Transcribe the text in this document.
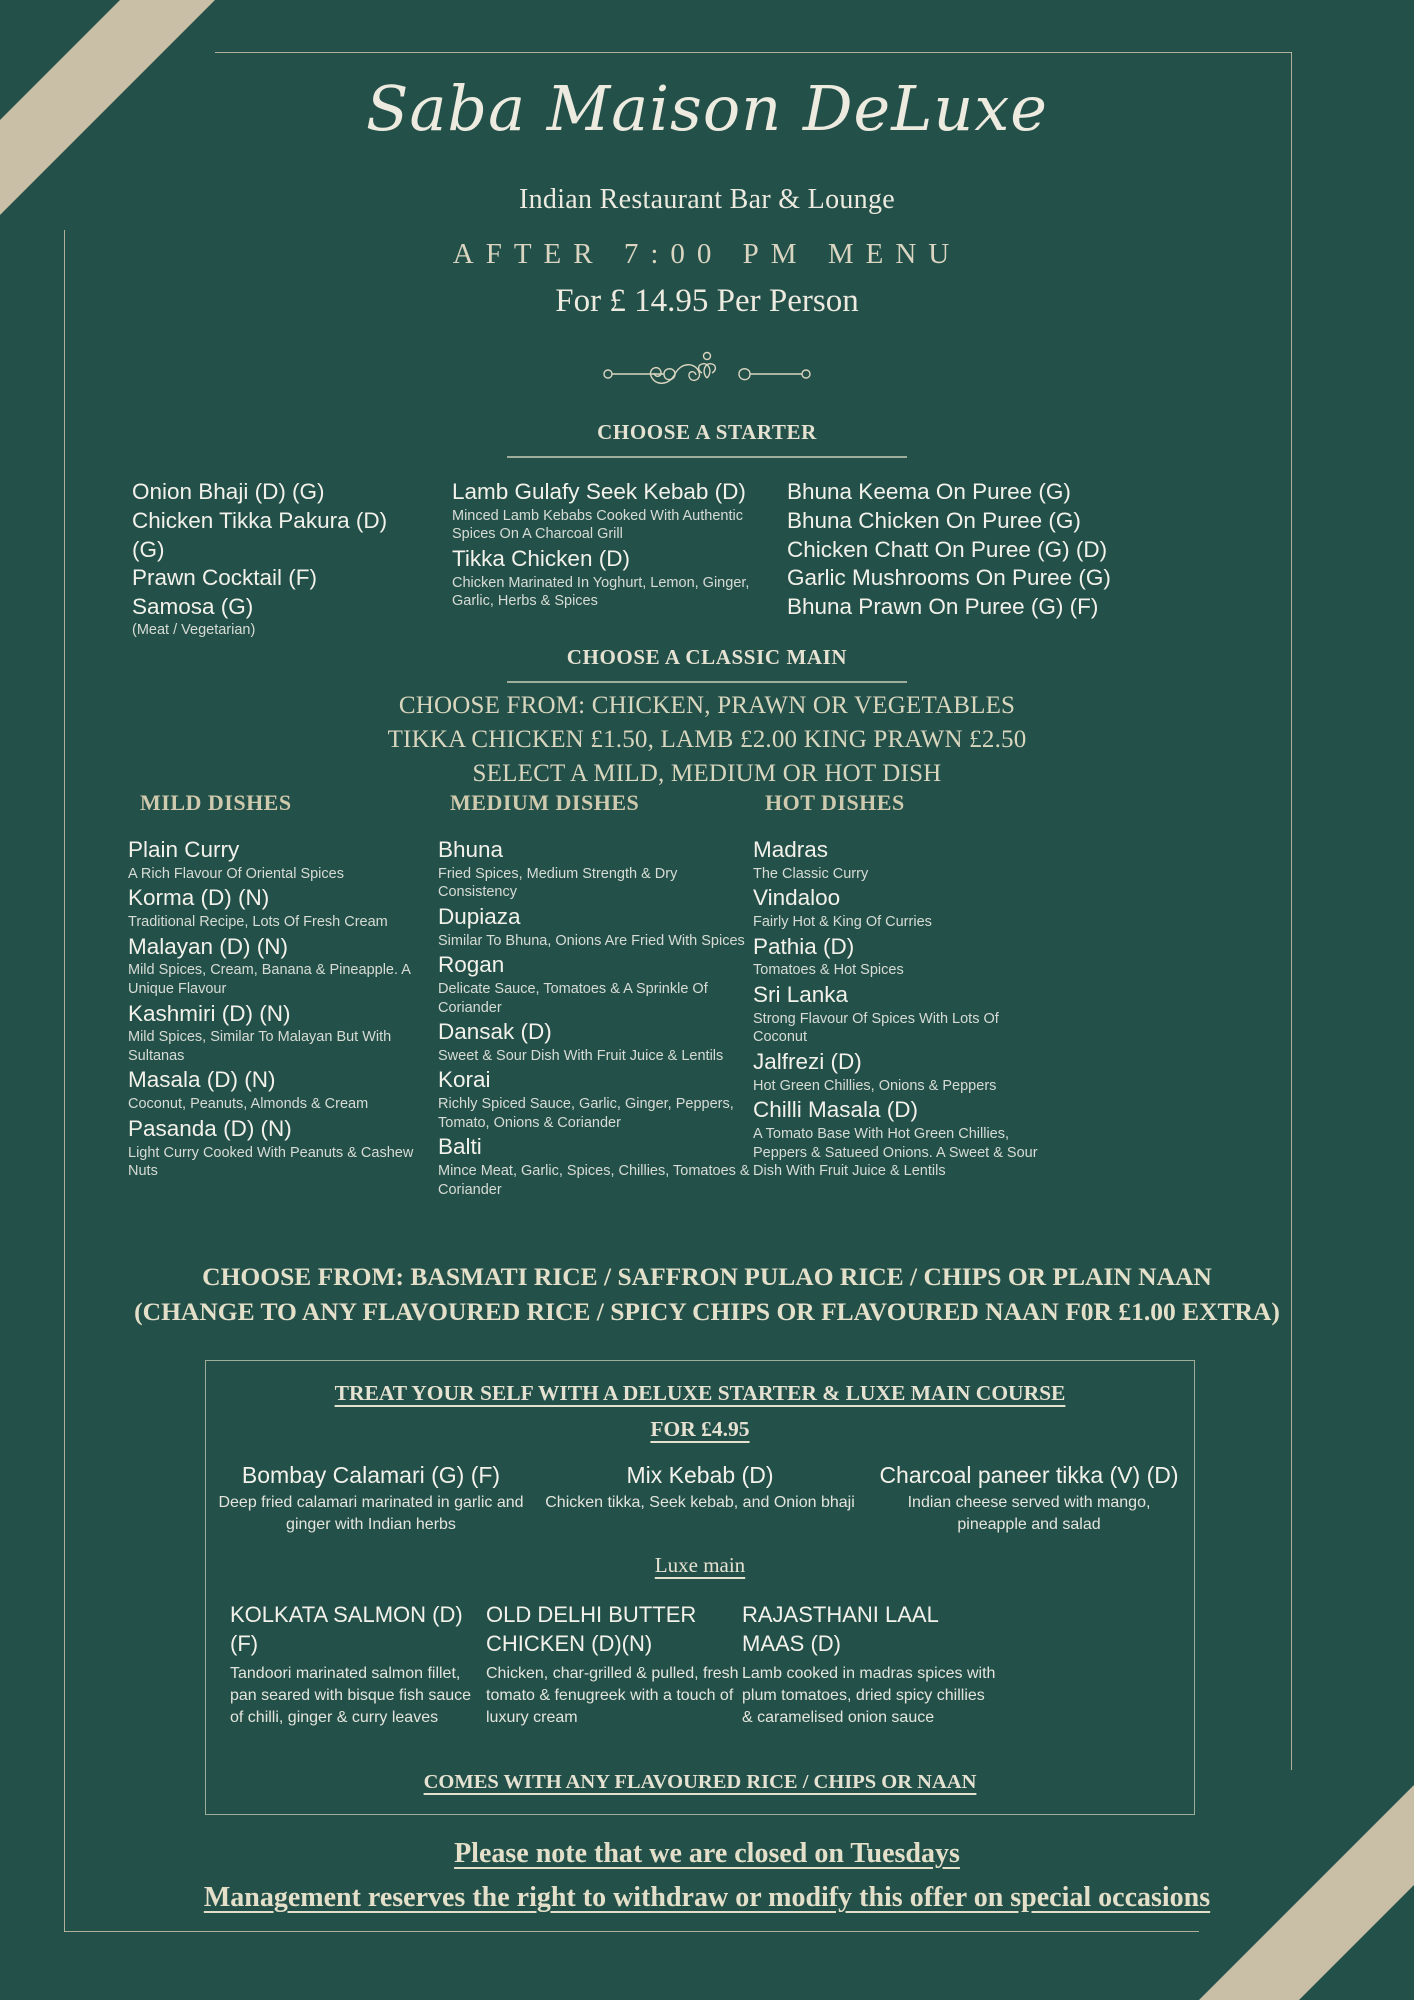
Saba Maison DeLuxe
Indian Restaurant Bar & Lounge
AFTER 7:00 PM MENU
For £ 14.95 Per Person
CHOOSE A STARTER
Onion Bhaji (D) (G)
Chicken Tikka Pakura (D) (G)
Prawn Cocktail (F)
Samosa (G)
(Meat / Vegetarian)
Lamb Gulafy Seek Kebab (D)
Minced Lamb Kebabs Cooked With Authentic Spices On A Charcoal Grill
Tikka Chicken (D)
Chicken Marinated In Yoghurt, Lemon, Ginger, Garlic, Herbs & Spices
Bhuna Keema On Puree (G)
Bhuna Chicken On Puree (G)
Chicken Chatt On Puree (G) (D)
Garlic Mushrooms On Puree (G)
Bhuna Prawn On Puree (G) (F)
CHOOSE A CLASSIC MAIN
CHOOSE FROM: CHICKEN, PRAWN OR VEGETABLES
TIKKA CHICKEN £1.50, LAMB £2.00 KING PRAWN £2.50
SELECT A MILD, MEDIUM OR HOT DISH
MILD DISHES
Plain Curry
A Rich Flavour Of Oriental Spices
Korma (D) (N)
Traditional Recipe, Lots Of Fresh Cream
Malayan (D) (N)
Mild Spices, Cream, Banana & Pineapple. A Unique Flavour
Kashmiri (D) (N)
Mild Spices, Similar To Malayan But With Sultanas
Masala (D) (N)
Coconut, Peanuts, Almonds & Cream
Pasanda (D) (N)
Light Curry Cooked With Peanuts & Cashew Nuts
MEDIUM DISHES
Bhuna
Fried Spices, Medium Strength & Dry Consistency
Dupiaza
Similar To Bhuna, Onions Are Fried With Spices
Rogan
Delicate Sauce, Tomatoes & A Sprinkle Of Coriander
Dansak (D)
Sweet & Sour Dish With Fruit Juice & Lentils
Korai
Richly Spiced Sauce, Garlic, Ginger, Peppers, Tomato, Onions & Coriander
Balti
Mince Meat, Garlic, Spices, Chillies, Tomatoes & Coriander
HOT DISHES
Madras
The Classic Curry
Vindaloo
Fairly Hot & King Of Curries
Pathia (D)
Tomatoes & Hot Spices
Sri Lanka
Strong Flavour Of Spices With Lots Of Coconut
Jalfrezi (D)
Hot Green Chillies, Onions & Peppers
Chilli Masala (D)
A Tomato Base With Hot Green Chillies, Peppers & Satueed Onions. A Sweet & Sour Dish With Fruit Juice & Lentils
CHOOSE FROM: BASMATI RICE / SAFFRON PULAO RICE / CHIPS OR PLAIN NAAN
(CHANGE TO ANY FLAVOURED RICE / SPICY CHIPS OR FLAVOURED NAAN F0R £1.00 EXTRA)
TREAT YOUR SELF WITH A DELUXE STARTER & LUXE MAIN COURSE
FOR £4.95
Bombay Calamari (G) (F)
Deep fried calamari marinated in garlic and ginger with Indian herbs
Mix Kebab (D)
Chicken tikka, Seek kebab, and Onion bhaji
Charcoal paneer tikka (V) (D)
Indian cheese served with mango, pineapple and salad
Luxe main
KOLKATA SALMON (D) (F)
Tandoori marinated salmon fillet, pan seared with bisque fish sauce of chilli, ginger & curry leaves
OLD DELHI BUTTER CHICKEN (D)(N)
Chicken, char-grilled & pulled, fresh tomato & fenugreek with a touch of luxury cream
RAJASTHANI LAAL MAAS (D)
Lamb cooked in madras spices with plum tomatoes, dried spicy chillies & caramelised onion sauce
COMES WITH ANY FLAVOURED RICE / CHIPS OR NAAN
Please note that we are closed on Tuesdays
Management reserves the right to withdraw or modify this offer on special occasions
